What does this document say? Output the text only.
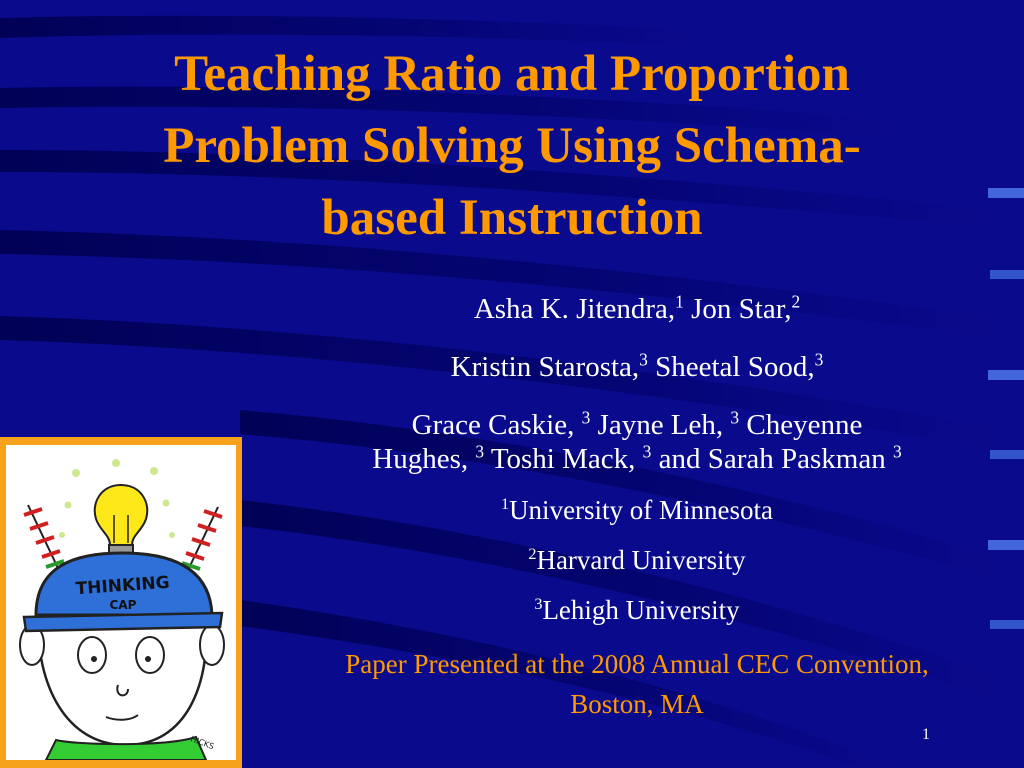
Teaching Ratio and Proportion
Problem Solving Using Schema-
based Instruction
Asha K. Jitendra,$^1$ Jon Star,$^2$
Kristin Starosta,$^3$ Sheetal Sood,$^3$
Grace Caskie, $^3$ Jayne Leh, $^3$ Cheyenne
Hughes, $^3$ Toshi Mack, $^3$ and Sarah Paskman $^3$
$^1$University of Minnesota
$^2$Harvard University
$^3$Lehigh University
Paper Presented at the 2008 Annual CEC Convention,
Boston, MA
THINKING
CAP
HICKS	1
